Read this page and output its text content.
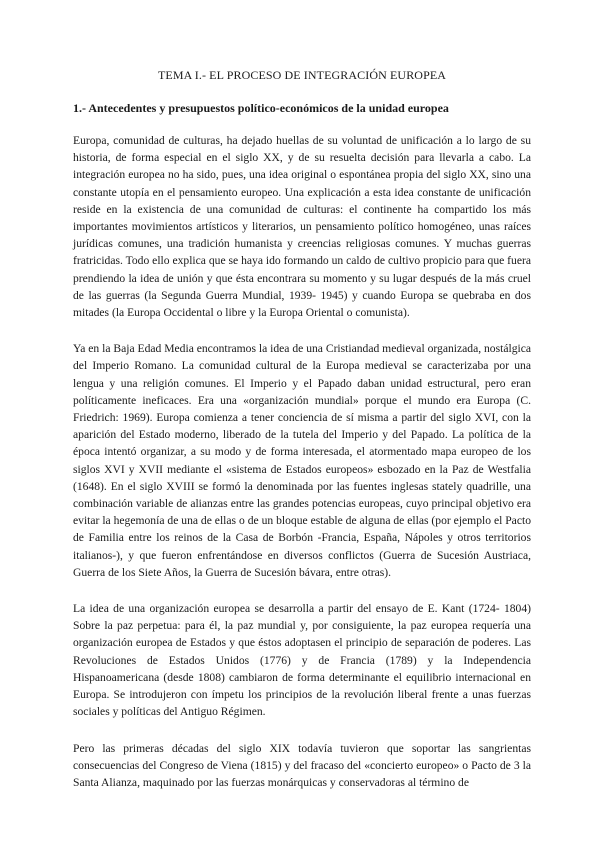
TEMA I.- EL PROCESO DE INTEGRACIÓN EUROPEA
1.- Antecedentes y presupuestos político-económicos de la unidad europea

Europa, comunidad de culturas, ha dejado huellas de su voluntad de unificación a lo largo de su historia, de forma especial en el siglo XX, y de su resuelta decisión para llevarla a cabo. La integración europea no ha sido, pues, una idea original o espontánea propia del siglo XX, sino una constante utopía en el pensamiento europeo. Una explicación a esta idea constante de unificación reside en la existencia de una comunidad de culturas: el continente ha compartido los más importantes movimientos artísticos y literarios, un pensamiento político homogéneo, unas raíces jurídicas comunes, una tradición humanista y creencias religiosas comunes. Y muchas guerras fratricidas. Todo ello explica que se haya ido formando un caldo de cultivo propicio para que fuera prendiendo la idea de unión y que ésta encontrara su momento y su lugar después de la más cruel de las guerras (la Segunda Guerra Mundial, 1939- 1945) y cuando Europa se quebraba en dos mitades (la Europa Occidental o libre y la Europa Oriental o comunista).

Ya en la Baja Edad Media encontramos la idea de una Cristiandad medieval organizada, nostálgica del Imperio Romano. La comunidad cultural de la Europa medieval se caracterizaba por una lengua y una religión comunes. El Imperio y el Papado daban unidad estructural, pero eran políticamente ineficaces. Era una «organización mundial» porque el mundo era Europa (C. Friedrich: 1969). Europa comienza a tener conciencia de sí misma a partir del siglo XVI, con la aparición del Estado moderno, liberado de la tutela del Imperio y del Papado. La política de la época intentó organizar, a su modo y de forma interesada, el atormentado mapa europeo de los siglos XVI y XVII mediante el «sistema de Estados europeos» esbozado en la Paz de Westfalia (1648). En el siglo XVIII se formó la denominada por las fuentes inglesas stately quadrille, una combinación variable de alianzas entre las grandes potencias europeas, cuyo principal objetivo era evitar la hegemonía de una de ellas o de un bloque estable de alguna de ellas (por ejemplo el Pacto de Familia entre los reinos de la Casa de Borbón -Francia, España, Nápoles y otros territorios italianos-), y que fueron enfrentándose en diversos conflictos (Guerra de Sucesión Austriaca, Guerra de los Siete Años, la Guerra de Sucesión bávara, entre otras).

La idea de una organización europea se desarrolla a partir del ensayo de E. Kant (1724- 1804) Sobre la paz perpetua: para él, la paz mundial y, por consiguiente, la paz europea requería una organización europea de Estados y que éstos adoptasen el principio de separación de poderes. Las Revoluciones de Estados Unidos (1776) y de Francia (1789) y la Independencia Hispanoamericana (desde 1808) cambiaron de forma determinante el equilibrio internacional en Europa. Se introdujeron con ímpetu los principios de la revolución liberal frente a unas fuerzas sociales y políticas del Antiguo Régimen.

Pero las primeras décadas del siglo XIX todavía tuvieron que soportar las sangrientas consecuencias del Congreso de Viena (1815) y del fracaso del «concierto europeo» o Pacto de 3 la Santa Alianza, maquinado por las fuerzas monárquicas y conservadoras al término de
